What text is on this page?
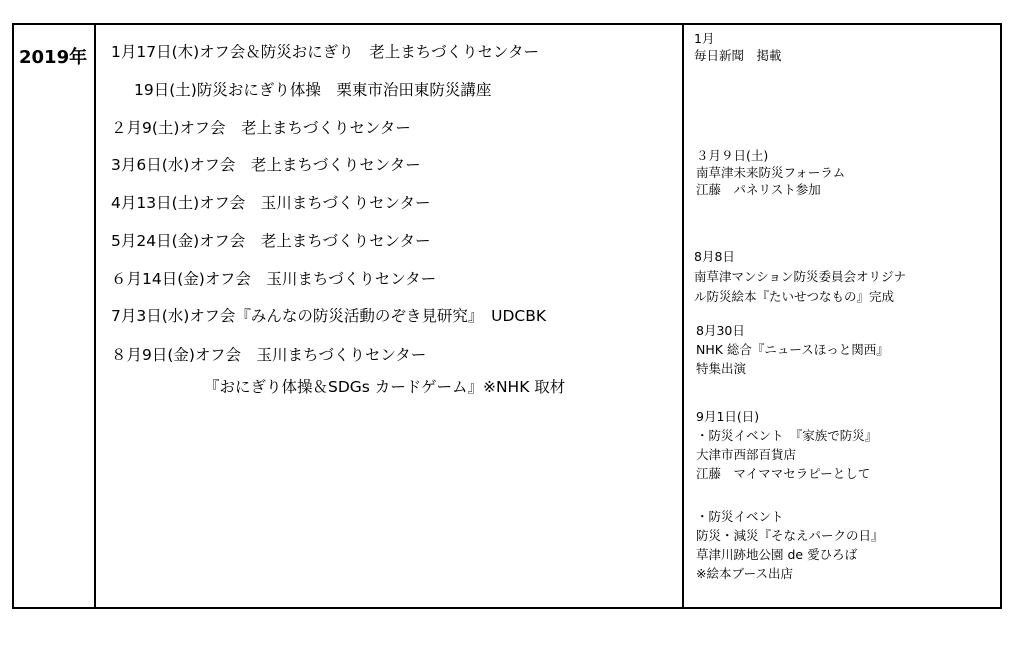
2019年 1月17日(木)オフ会＆防災おにぎり　老上まちづくりセンター
19日(土)防災おにぎり体操　栗東市治田東防災講座
２月9(土)オフ会　老上まちづくりセンター
3月6日(水)オフ会　老上まちづくりセンター
4月13日(土)オフ会　玉川まちづくりセンター
5月24日(金)オフ会　老上まちづくりセンター
６月14日(金)オフ会　玉川まちづくりセンター
7月3日(水)オフ会『みんなの防災活動のぞき見研究』　UDCBK
８月9日(金)オフ会　玉川まちづくりセンター
『おにぎり体操＆SDGs カードゲーム』※NHK 取材
1月
毎日新聞　掲載
３月９日(土)
南草津未来防災フォーラム
江藤　パネリスト参加
8月8日
南草津マンション防災委員会オリジナ
ル防災絵本『たいせつなもの』完成
8月30日
NHK 総合『ニュースほっと関西』
特集出演
9月1日(日)
・防災イベント　『家族で防災』
大津市西部百貨店
江藤　マイママセラピーとして
・防災イベント
防災・減災『そなえパークの日』
草津川跡地公園 de 愛ひろば
※絵本ブース出店
